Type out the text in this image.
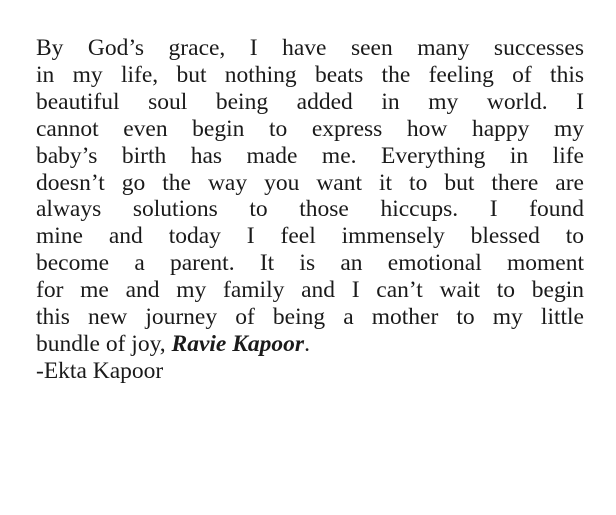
By God’s grace, I have seen many successes
in my life, but nothing beats the feeling of this
beautiful soul being added in my world. I
cannot even begin to express how happy my
baby’s birth has made me. Everything in life
doesn’t go the way you want it to but there are
always solutions to those hiccups. I found
mine and today I feel immensely blessed to
become a parent. It is an emotional moment
for me and my family and I can’t wait to begin
this new journey of being a mother to my little
bundle of joy, Ravie Kapoor.
-Ekta Kapoor
